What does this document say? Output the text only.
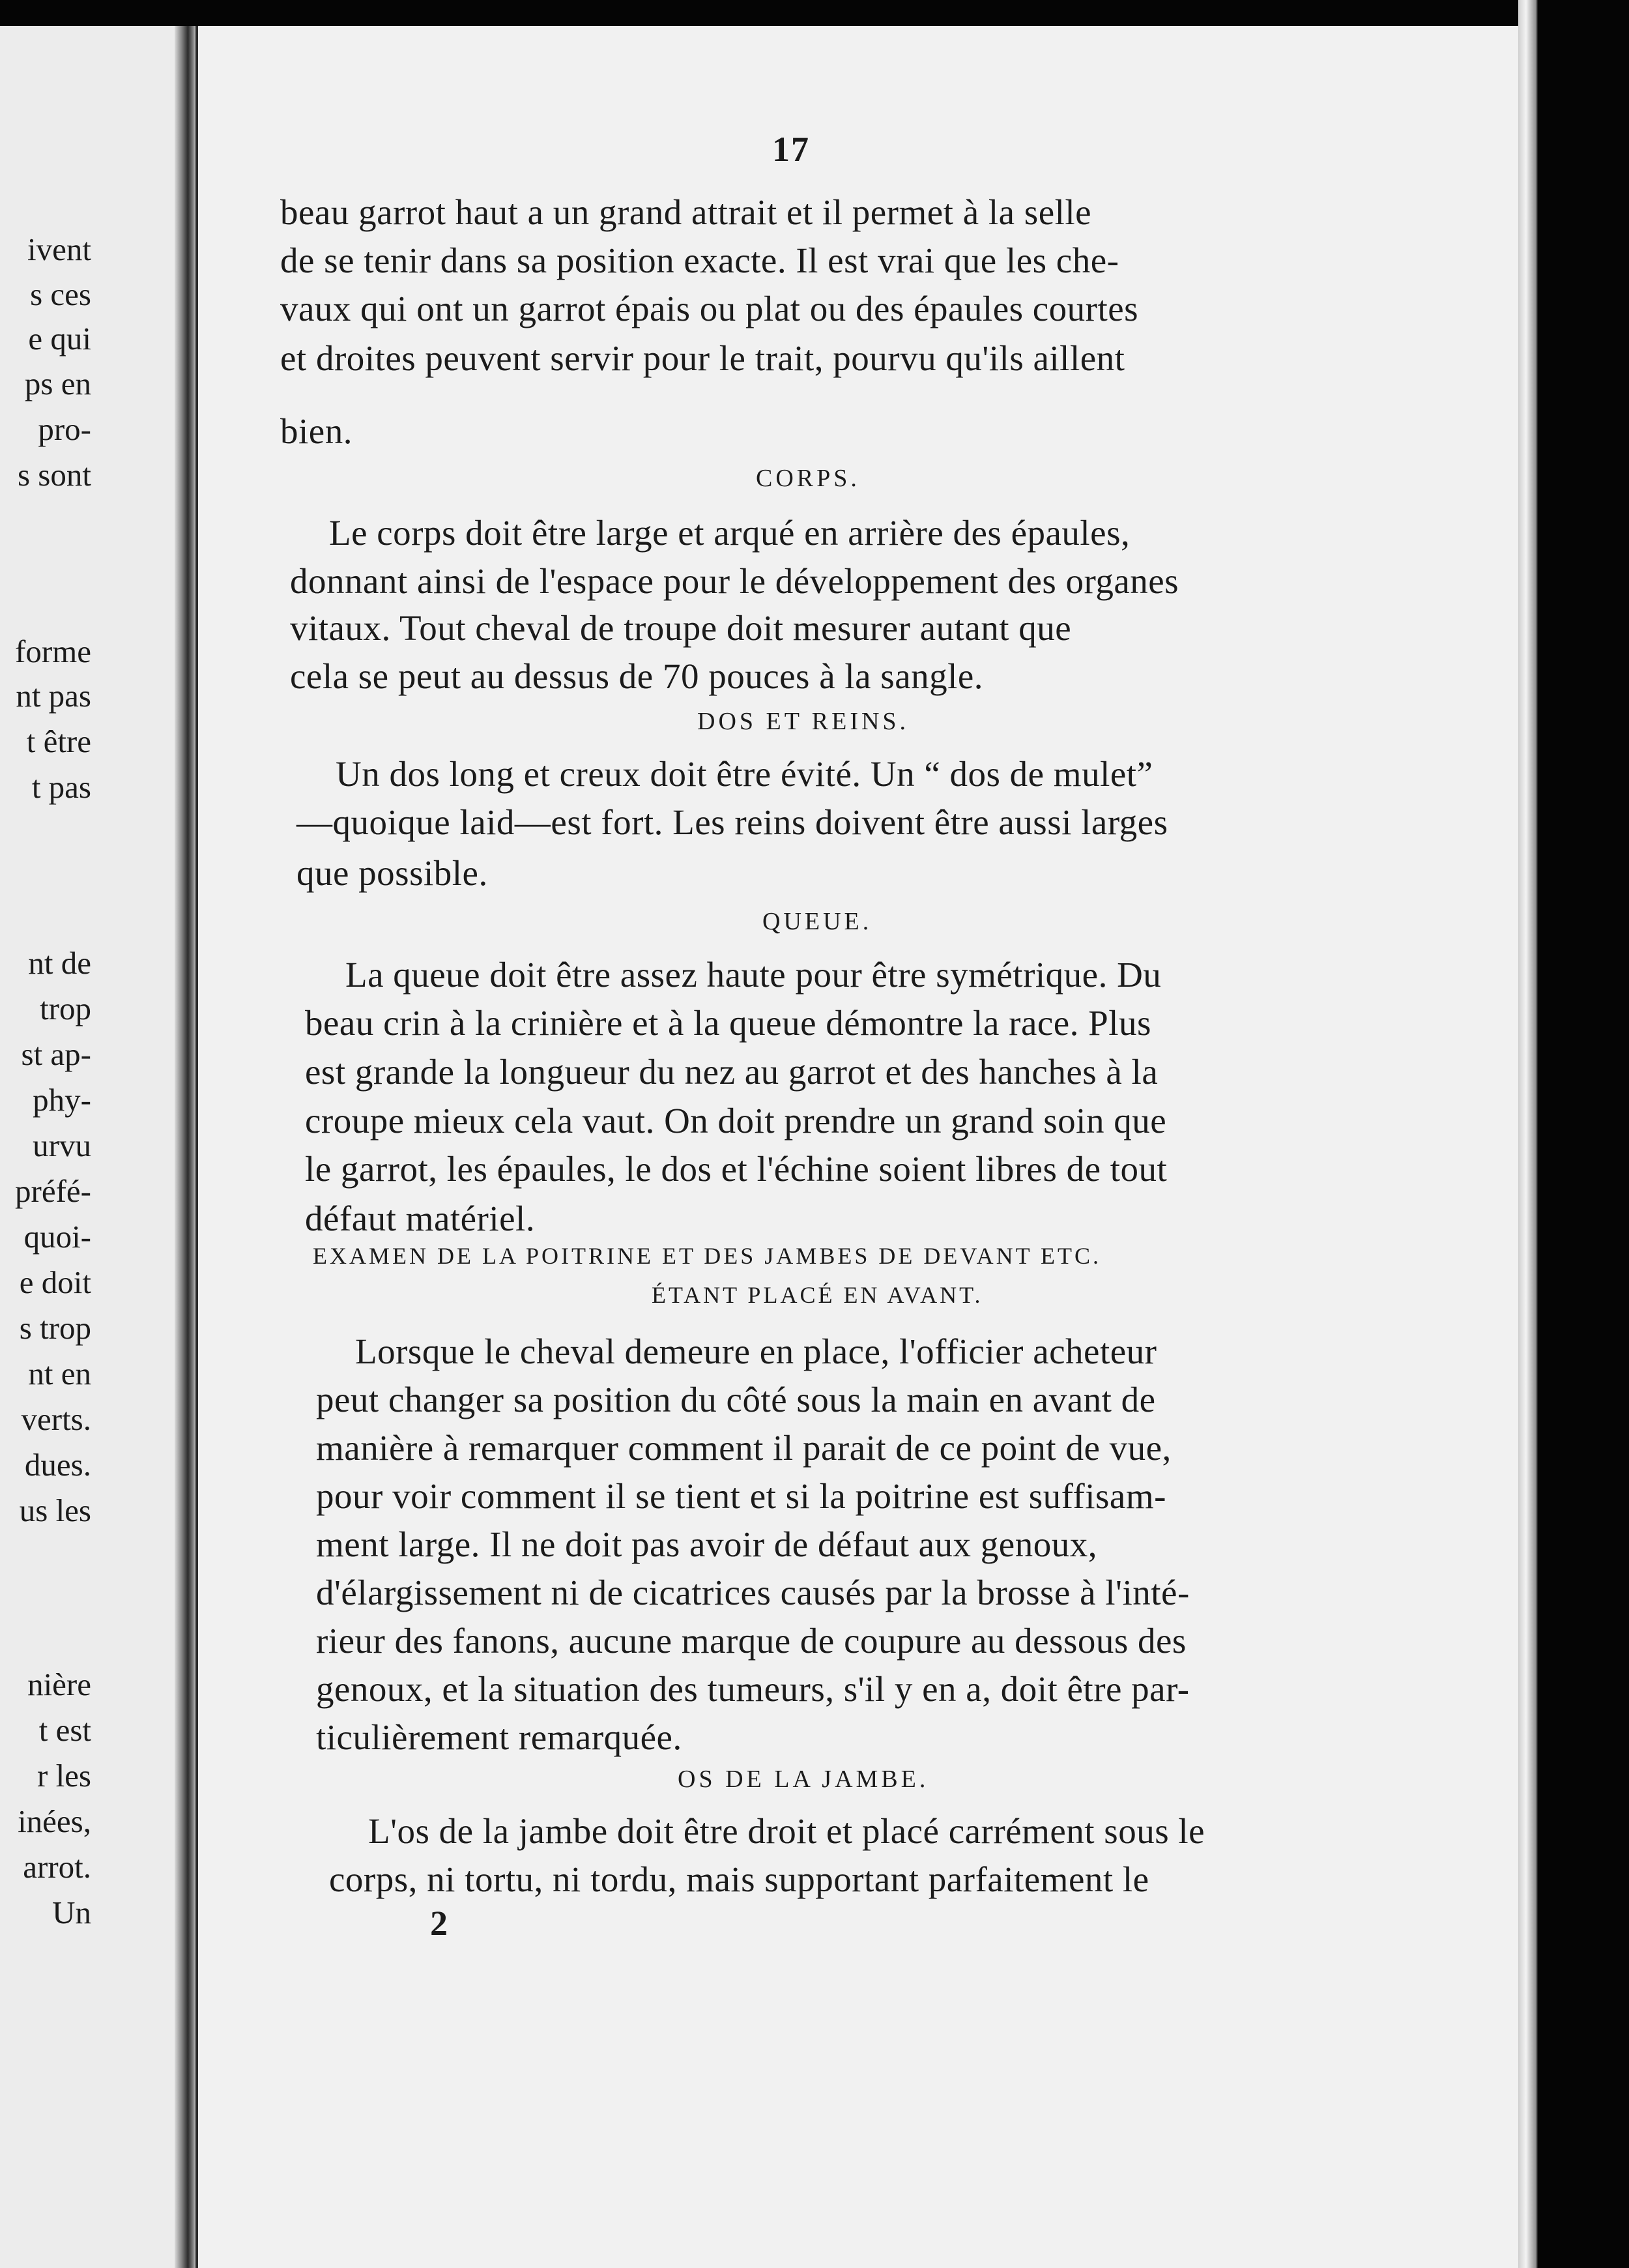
ivent
s ces
e qui
ps en
pro-
s sont
forme
nt pas
t être
t pas
nt de
trop
st ap-
phy-
urvu
préfé-
quoi-
e doit
s trop
nt en
verts.
dues.
us les
nière
t est
r les
inées,
arrot.
Un
17
beau garrot haut a un grand attrait et il permet à la selle
de se tenir dans sa position exacte. Il est vrai que les che-
vaux qui ont un garrot épais ou plat ou des épaules courtes
et droites peuvent servir pour le trait, pourvu qu'ils aillent
bien.
CORPS.
Le corps doit être large et arqué en arrière des épaules,
donnant ainsi de l'espace pour le développement des organes
vitaux. Tout cheval de troupe doit mesurer autant que
cela se peut au dessus de 70 pouces à la sangle.
DOS ET REINS.
Un dos long et creux doit être évité. Un “ dos de mulet”
—quoique laid—est fort. Les reins doivent être aussi larges
que possible.
QUEUE.
La queue doit être assez haute pour être symétrique. Du
beau crin à la crinière et à la queue démontre la race. Plus
est grande la longueur du nez au garrot et des hanches à la
croupe mieux cela vaut. On doit prendre un grand soin que
le garrot, les épaules, le dos et l'échine soient libres de tout
défaut matériel.
EXAMEN DE LA POITRINE ET DES JAMBES DE DEVANT ETC.
ÉTANT PLACÉ EN AVANT.
Lorsque le cheval demeure en place, l'officier acheteur
peut changer sa position du côté sous la main en avant de
manière à remarquer comment il parait de ce point de vue,
pour voir comment il se tient et si la poitrine est suffisam-
ment large. Il ne doit pas avoir de défaut aux genoux,
d'élargissement ni de cicatrices causés par la brosse à l'inté-
rieur des fanons, aucune marque de coupure au dessous des
genoux, et la situation des tumeurs, s'il y en a, doit être par-
ticulièrement remarquée.
OS DE LA JAMBE.
L'os de la jambe doit être droit et placé carrément sous le
corps, ni tortu, ni tordu, mais supportant parfaitement le
2
